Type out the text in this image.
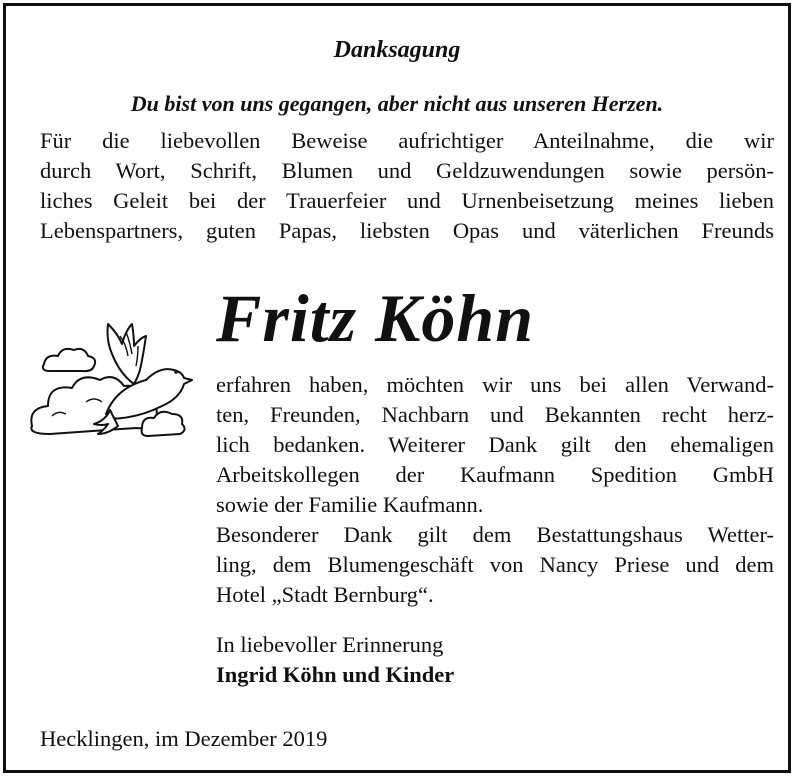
Danksagung
Du bist von uns gegangen, aber nicht aus unseren Herzen.
Für die liebevollen Beweise aufrichtiger Anteilnahme, die wir
durch Wort, Schrift, Blumen und Geldzuwendungen sowie persön-
liches Geleit bei der Trauerfeier und Urnenbeisetzung meines lieben
Lebenspartners, guten Papas, liebsten Opas und väterlichen Freunds
Fritz Köhn
erfahren haben, möchten wir uns bei allen Verwand-
ten, Freunden, Nachbarn und Bekannten recht herz-
lich bedanken. Weiterer Dank gilt den ehemaligen
Arbeitskollegen der Kaufmann Spedition GmbH
sowie der Familie Kaufmann.
Besonderer Dank gilt dem Bestattungshaus Wetter-
ling, dem Blumengeschäft von Nancy Priese und dem
Hotel „Stadt Bernburg“.
In liebevoller Erinnerung
Ingrid Köhn und Kinder
Hecklingen, im Dezember 2019
